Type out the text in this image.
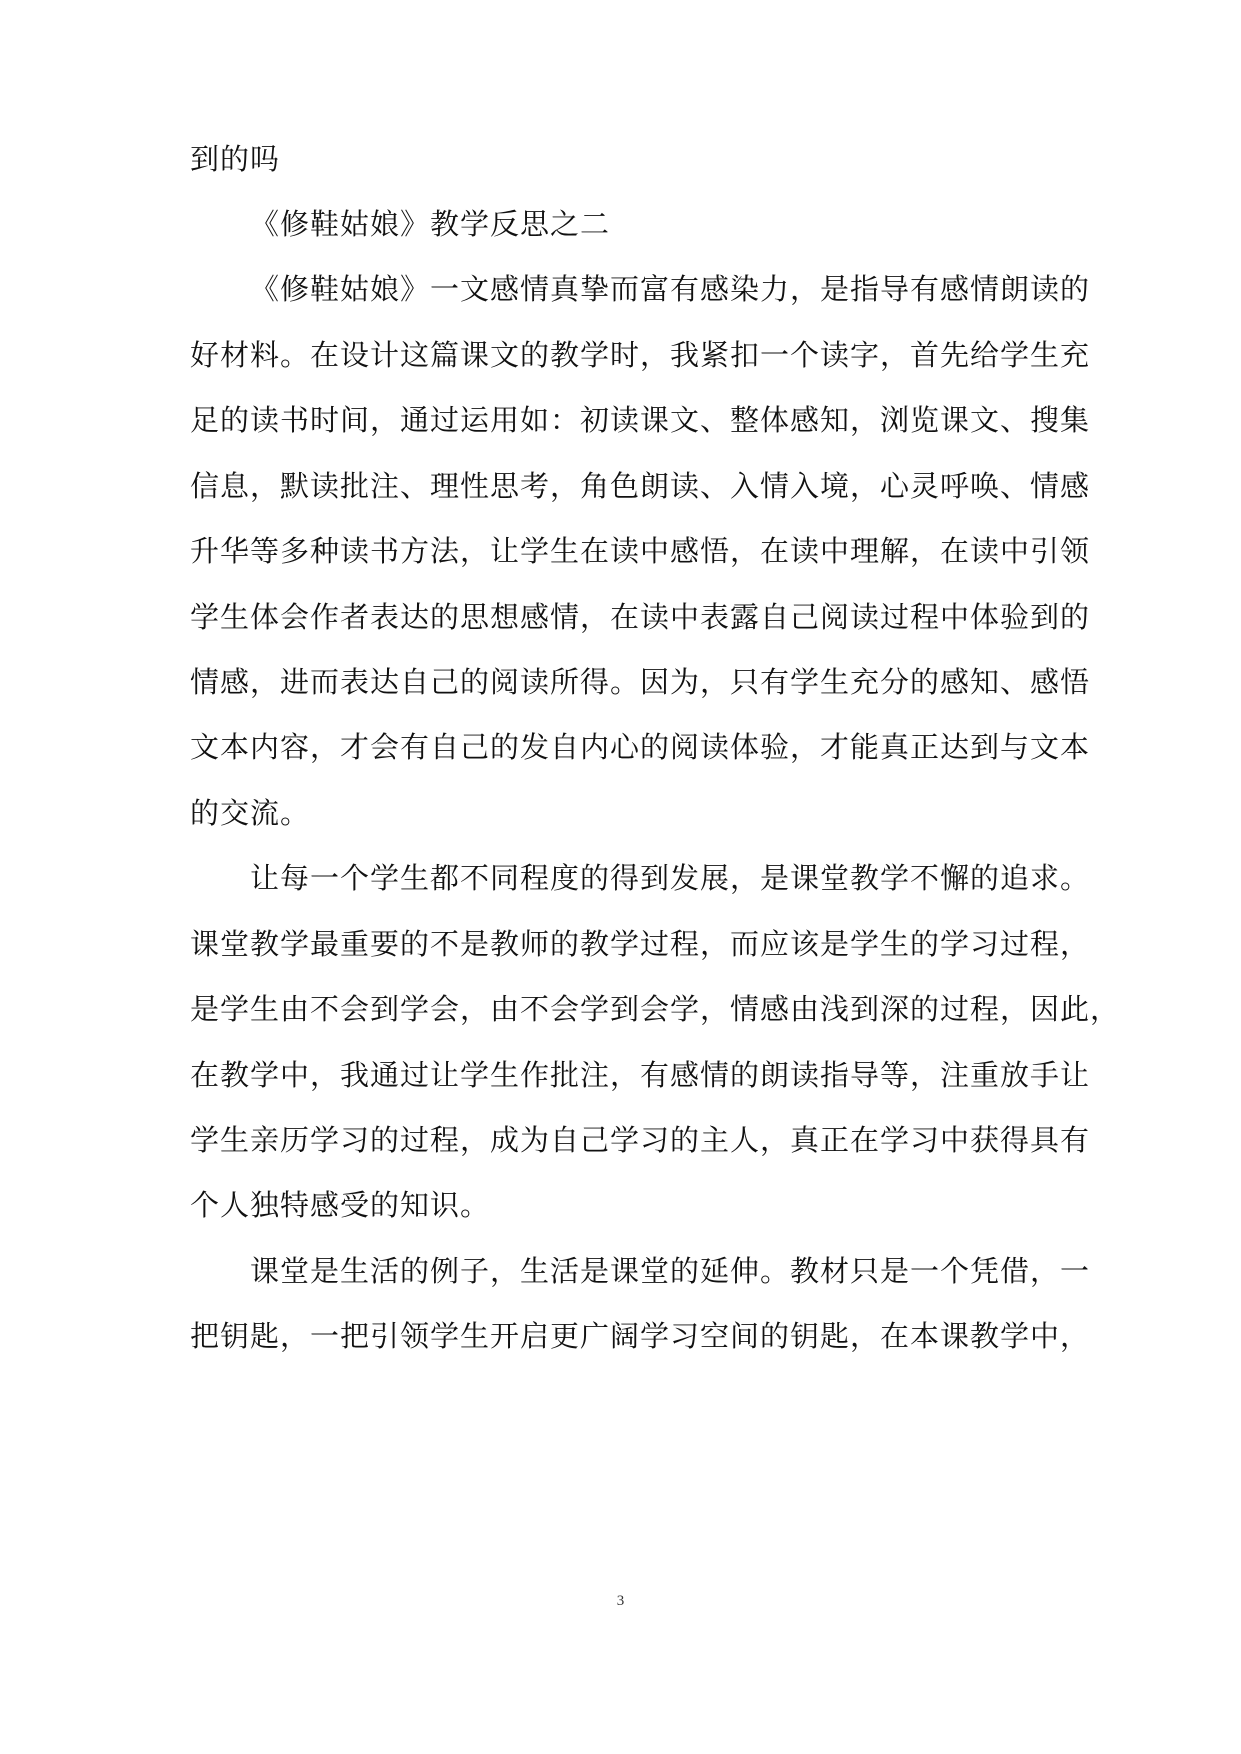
到的吗
《修鞋姑娘》教学反思之二
《修鞋姑娘》一文感情真挚而富有感染力，是指导有感情朗读的
好材料。在设计这篇课文的教学时，我紧扣一个读字，首先给学生充
足的读书时间，通过运用如：初读课文、整体感知，浏览课文、搜集
信息，默读批注、理性思考，角色朗读、入情入境，心灵呼唤、情感
升华等多种读书方法，让学生在读中感悟，在读中理解，在读中引领
学生体会作者表达的思想感情，在读中表露自己阅读过程中体验到的
情感，进而表达自己的阅读所得。因为，只有学生充分的感知、感悟
文本内容，才会有自己的发自内心的阅读体验，才能真正达到与文本
的交流。
让每一个学生都不同程度的得到发展，是课堂教学不懈的追求。
课堂教学最重要的不是教师的教学过程，而应该是学生的学习过程，
是学生由不会到学会，由不会学到会学，情感由浅到深的过程，因此，
在教学中，我通过让学生作批注，有感情的朗读指导等，注重放手让
学生亲历学习的过程，成为自己学习的主人，真正在学习中获得具有
个人独特感受的知识。
课堂是生活的例子，生活是课堂的延伸。教材只是一个凭借，一
把钥匙，一把引领学生开启更广阔学习空间的钥匙，在本课教学中，
3
